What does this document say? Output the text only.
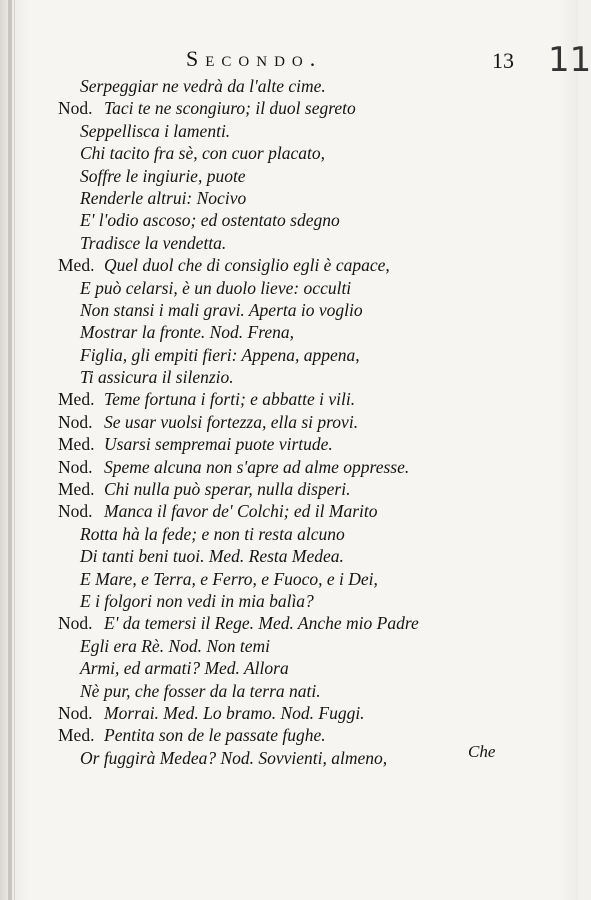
Secondo.	13 11
Serpeggiar ne vedrà da l'alte cime.
Nod. Taci te ne scongiuro; il duol segreto
Seppellisca i lamenti.
Chi tacito fra sè, con cuor placato,
Soffre le ingiurie, puote
Renderle altrui: Nocivo
E' l'odio ascoso; ed ostentato sdegno
Tradisce la vendetta.
Med. Quel duol che di consiglio egli è capace,
E può celarsi, è un duolo lieve: occulti
Non stansi i mali gravi. Aperta io voglio
Mostrar la fronte. Nod. Frena,
Figlia, gli empiti fieri: Appena, appena,
Ti assicura il silenzio.
Med. Teme fortuna i forti; e abbatte i vili.
Nod. Se usar vuolsi fortezza, ella si provi.
Med. Usarsi sempremai puote virtude.
Nod. Speme alcuna non s'apre ad alme oppresse.
Med. Chi nulla può sperar, nulla disperi.
Nod. Manca il favor de' Colchi; ed il Marito
Rotta hà la fede; e non ti resta alcuno
Di tanti beni tuoi. Med. Resta Medea.
E Mare, e Terra, e Ferro, e Fuoco, e i Dei,
E i folgori non vedi in mia balìa?
Nod. E' da temersi il Rege. Med. Anche mio Padre
Egli era Rè. Nod. Non temi
Armi, ed armati? Med. Allora
Nè pur, che fosser da la terra nati.
Nod. Morrai. Med. Lo bramo. Nod. Fuggi.
Med. Pentita son de le passate fughe.
Or fuggirà Medea? Nod. Sovvienti, almeno,	Che
